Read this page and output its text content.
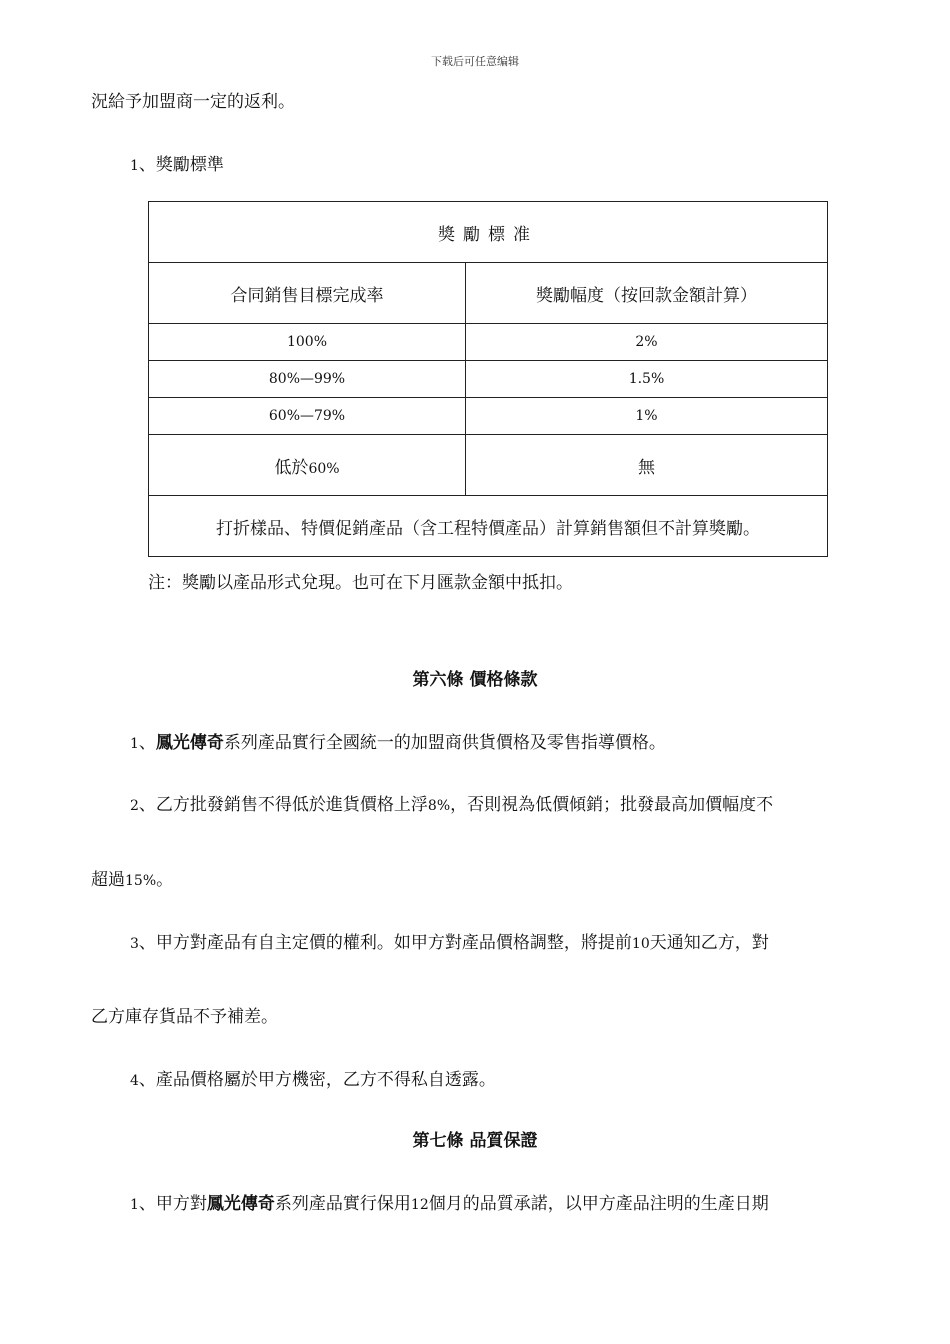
下载后可任意编辑
況給予加盟商一定的返利。
1、獎勵標準
獎勵標准	
合同銷售目標完成率	獎勵幅度（按回款金額計算）
100%	2%
80%—99%	1.5%
60%—79%	1%
低於60%	無
打折樣品、特價促銷產品（含工程特價產品）計算銷售額但不計算獎勵。	
注：獎勵以產品形式兌現。也可在下月匯款金額中抵扣。
第六條 價格條款
1、鳳光傳奇系列產品實行全國統一的加盟商供貨價格及零售指導價格。
2、乙方批發銷售不得低於進貨價格上浮8%，否則視為低價傾銷；批發最高加價幅度不
超過15%。
3、甲方對產品有自主定價的權利。如甲方對產品價格調整，將提前10天通知乙方，對
乙方庫存貨品不予補差。
4、產品價格屬於甲方機密，乙方不得私自透露。
第七條 品質保證
1、甲方對鳳光傳奇系列產品實行保用12個月的品質承諾，以甲方產品注明的生產日期
